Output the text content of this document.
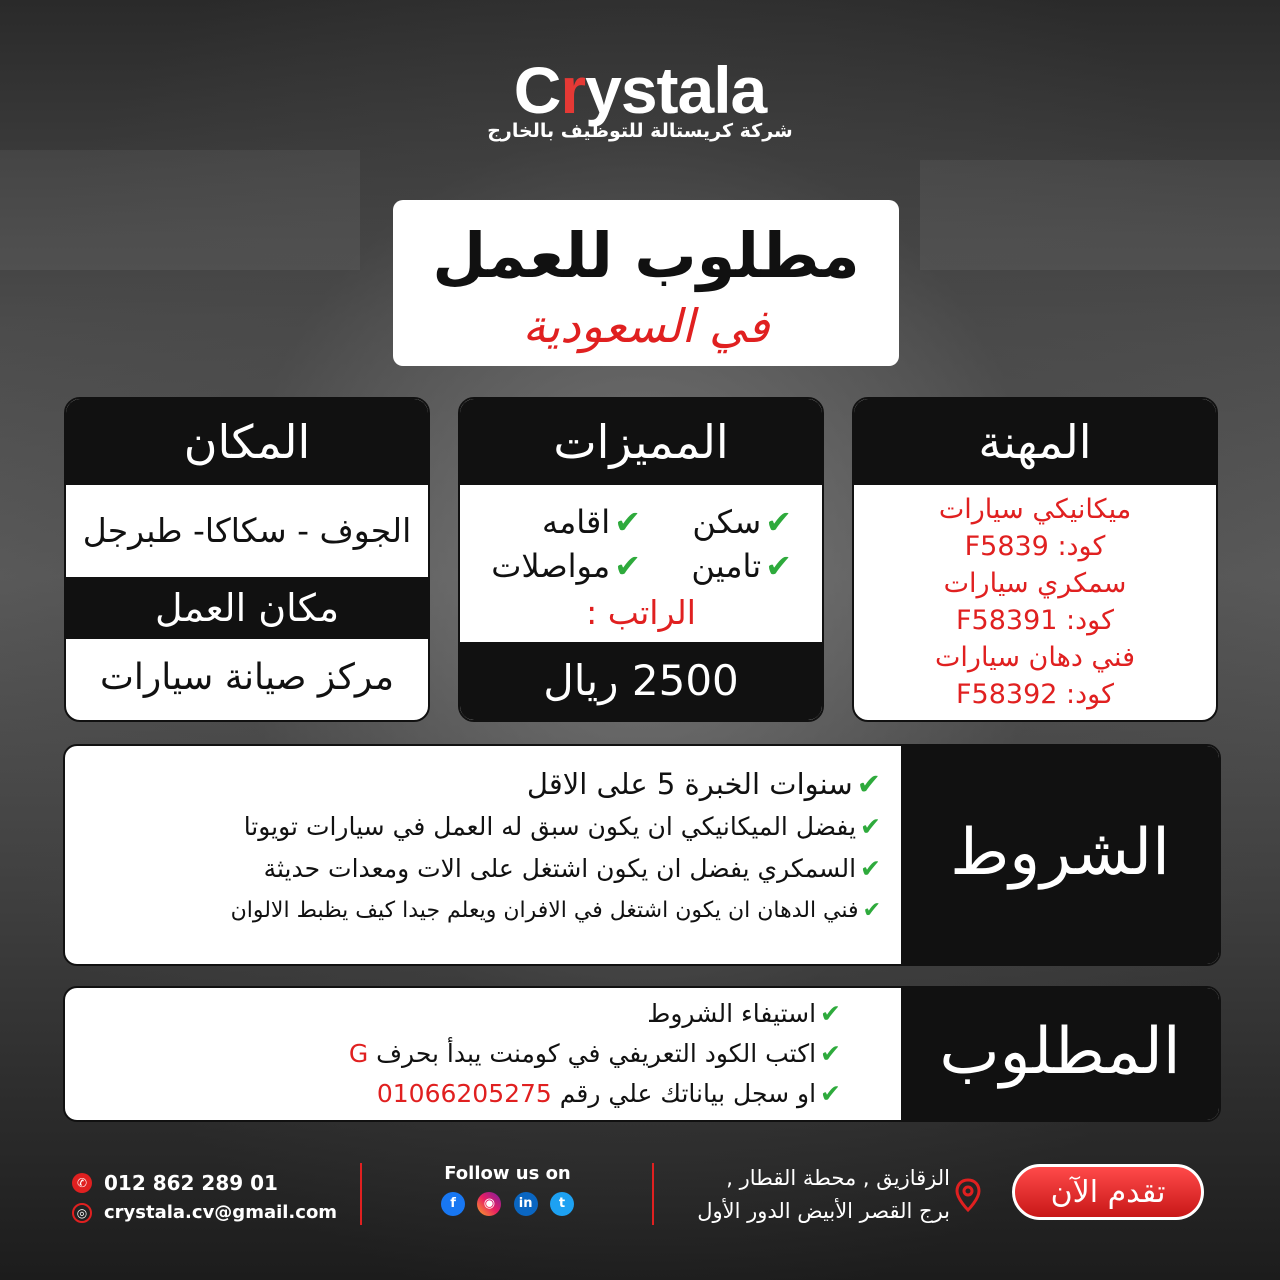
Crystala
شركة كريستالة للتوظيف بالخارج
مطلوب للعمل
في السعودية
المهنة
ميكانيكي سيارات
كود: F5839
سمكري سيارات
كود: F58391
فني دهان سيارات
كود: F58392
المميزات
✔سكن
✔اقامه
✔تامين
✔مواصلات
الراتب :
2500 ريال
المكان
الجوف - سكاكا- طبرجل
مكان العمل
مركز صيانة سيارات
الشروط
✔سنوات الخبرة 5 على الاقل
✔يفضل الميكانيكي ان يكون سبق له العمل في سيارات تويوتا
✔السمكري يفضل ان يكون اشتغل على الات ومعدات حديثة
✔فني الدهان ان يكون اشتغل في الافران ويعلم جيدا كيف يظبط الالوان
المطلوب
✔استيفاء الشروط
✔اكتب الكود التعريفي في كومنت يبدأ بحرف G
✔او سجل بياناتك علي رقم 01066205275
✆ 012 862 289 01
◎ crystala.cv@gmail.com
Follow us on
f ◉ in t
الزقازيق , محطة القطار ,
برج القصر الأبيض الدور الأول
تقدم الآن
